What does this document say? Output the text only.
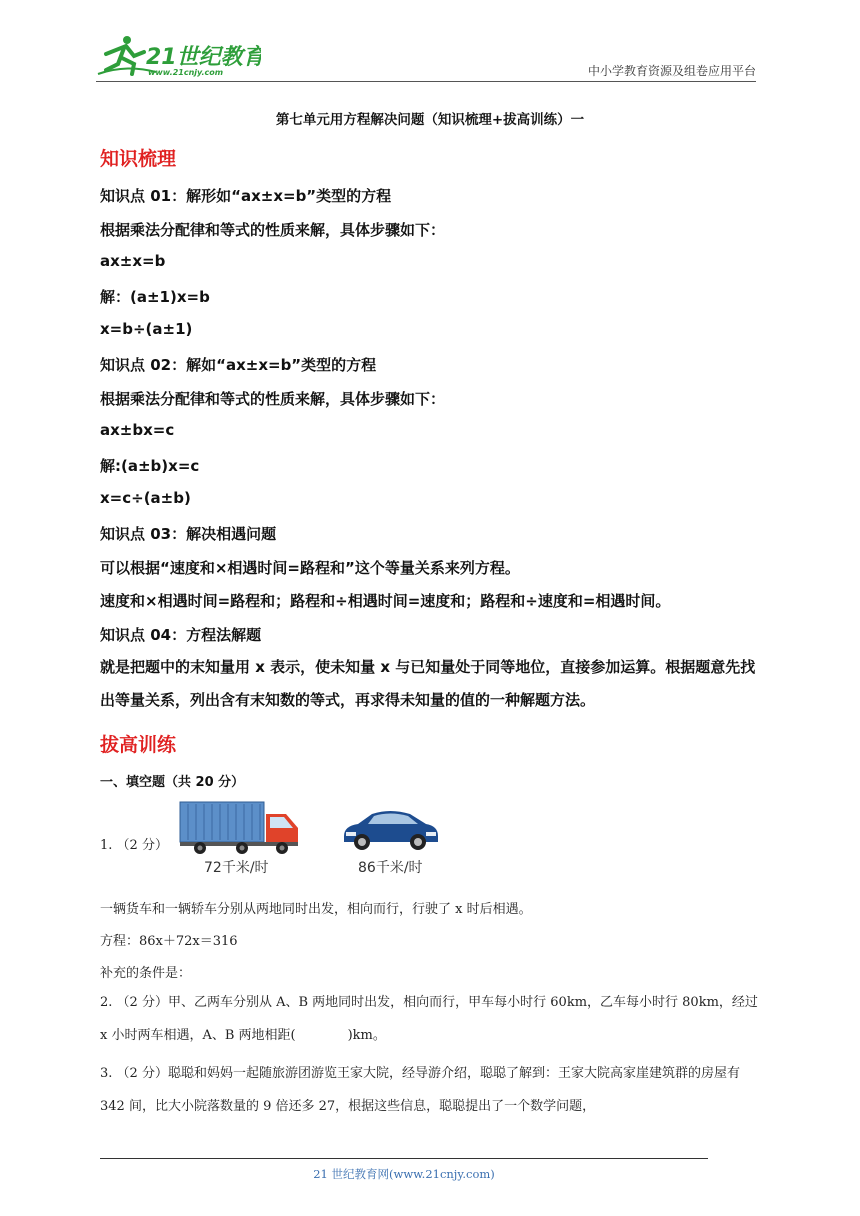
21世纪教育
www.21cnjy.com	中小学教育资源及组卷应用平台
第七单元用方程解决问题（知识梳理+拔高训练）一
知识梳理
知识点 01：解形如“ax±x=b”类型的方程
根据乘法分配律和等式的性质来解，具体步骤如下：
ax±x=b
解：(a±1)x=b
x=b÷(a±1)
知识点 02：解如“ax±x=b”类型的方程
根据乘法分配律和等式的性质来解，具体步骤如下：
ax±bx=c
解:(a±b)x=c
x=c÷(a±b)
知识点 03：解决相遇问题
可以根据“速度和×相遇时间=路程和”这个等量关系来列方程。
速度和×相遇时间=路程和；路程和÷相遇时间=速度和；路程和÷速度和=相遇时间。
知识点 04：方程法解题
就是把题中的末知量用 x 表示，使未知量 x 与已知量处于同等地位，直接参加运算。根据题意先找出等量关系，列出含有末知数的等式，再求得未知量的值的一种解题方法。
拔高训练
一、填空题（共 20 分）
1. （2 分）
72千米/时	86千米/时
一辆货车和一辆轿车分别从两地同时出发，相向而行，行驶了 x 时后相遇。
方程：86x＋72x＝316
补充的条件是：
2. （2 分）甲、乙两车分别从 A、B 两地同时出发，相向而行，甲车每小时行 60km，乙车每小时行 80km，经过 x 小时两车相遇，A、B 两地相距(　　　　)km。
3. （2 分）聪聪和妈妈一起随旅游团游览王家大院，经导游介绍，聪聪了解到：王家大院高家崖建筑群的房屋有 342 间，比大小院落数量的 9 倍还多 27，根据这些信息，聪聪提出了一个数学问题，
21 世纪教育网(www.21cnjy.com)
